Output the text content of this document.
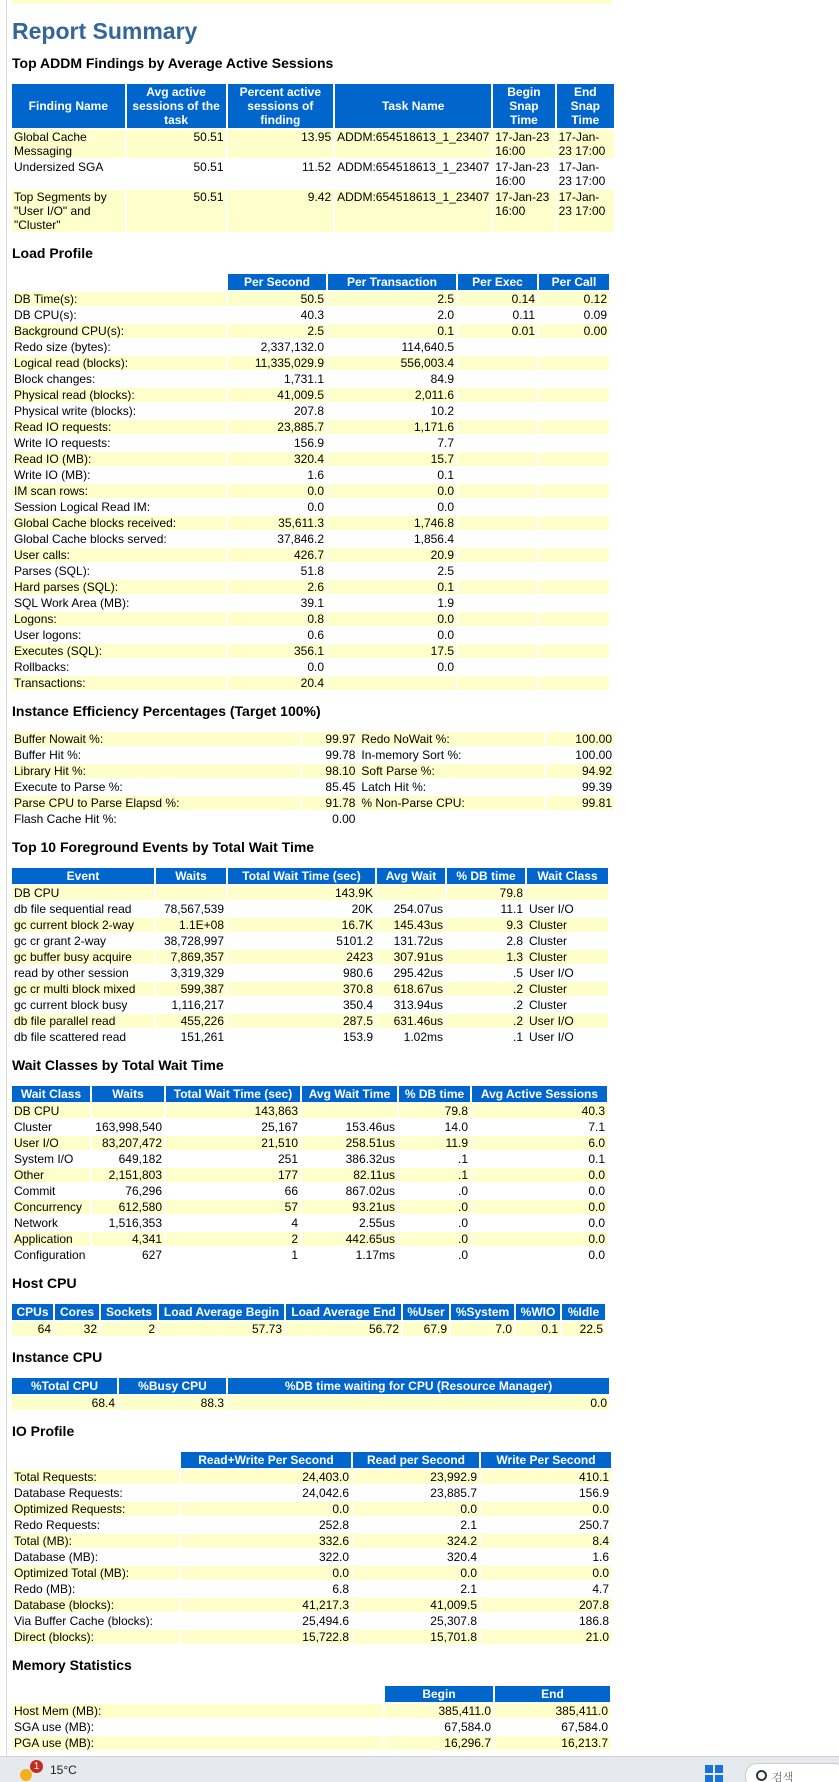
Report Summary
Top ADDM Findings by Average Active Sessions
Finding Name	Avg active sessions of the task	Percent active sessions of finding	Task Name	Begin Snap Time	End Snap Time
Global Cache Messaging	50.51	13.95	ADDM:654518613_1_23407	17-Jan-23 16:00	17-Jan-23 17:00
Undersized SGA	50.51	11.52	ADDM:654518613_1_23407	17-Jan-23 16:00	17-Jan-23 17:00
Top Segments by "User I/O" and "Cluster"	50.51	9.42	ADDM:654518613_1_23407	17-Jan-23 16:00	17-Jan-23 17:00
Load Profile
	Per Second	Per Transaction	Per Exec	Per Call
DB Time(s):	50.5	2.5	0.14	0.12
DB CPU(s):	40.3	2.0	0.11	0.09
Background CPU(s):	2.5	0.1	0.01	0.00
Redo size (bytes):	2,337,132.0	114,640.5		
Logical read (blocks):	11,335,029.9	556,003.4		
Block changes:	1,731.1	84.9		
Physical read (blocks):	41,009.5	2,011.6		
Physical write (blocks):	207.8	10.2		
Read IO requests:	23,885.7	1,171.6		
Write IO requests:	156.9	7.7		
Read IO (MB):	320.4	15.7		
Write IO (MB):	1.6	0.1		
IM scan rows:	0.0	0.0		
Session Logical Read IM:	0.0	0.0		
Global Cache blocks received:	35,611.3	1,746.8		
Global Cache blocks served:	37,846.2	1,856.4		
User calls:	426.7	20.9		
Parses (SQL):	51.8	2.5		
Hard parses (SQL):	2.6	0.1		
SQL Work Area (MB):	39.1	1.9		
Logons:	0.8	0.0		
User logons:	0.6	0.0		
Executes (SQL):	356.1	17.5		
Rollbacks:	0.0	0.0		
Transactions:	20.4			
Instance Efficiency Percentages (Target 100%)
Buffer Nowait %:	99.97	Redo NoWait %:	100.00
Buffer Hit %:	99.78	In-memory Sort %:	100.00
Library Hit %:	98.10	Soft Parse %:	94.92
Execute to Parse %:	85.45	Latch Hit %:	99.39
Parse CPU to Parse Elapsd %:	91.78	% Non-Parse CPU:	99.81
Flash Cache Hit %:	0.00		
Top 10 Foreground Events by Total Wait Time
Event	Waits	Total Wait Time (sec)	Avg Wait	% DB time	Wait Class
DB CPU		143.9K		79.8	
db file sequential read	78,567,539	20K	254.07us	11.1	User I/O
gc current block 2-way	1.1E+08	16.7K	145.43us	9.3	Cluster
gc cr grant 2-way	38,728,997	5101.2	131.72us	2.8	Cluster
gc buffer busy acquire	7,869,357	2423	307.91us	1.3	Cluster
read by other session	3,319,329	980.6	295.42us	.5	User I/O
gc cr multi block mixed	599,387	370.8	618.67us	.2	Cluster
gc current block busy	1,116,217	350.4	313.94us	.2	Cluster
db file parallel read	455,226	287.5	631.46us	.2	User I/O
db file scattered read	151,261	153.9	1.02ms	.1	User I/O
Wait Classes by Total Wait Time
Wait Class	Waits	Total Wait Time (sec)	Avg Wait Time	% DB time	Avg Active Sessions
DB CPU		143,863		79.8	40.3
Cluster	163,998,540	25,167	153.46us	14.0	7.1
User I/O	83,207,472	21,510	258.51us	11.9	6.0
System I/O	649,182	251	386.32us	.1	0.1
Other	2,151,803	177	82.11us	.1	0.0
Commit	76,296	66	867.02us	.0	0.0
Concurrency	612,580	57	93.21us	.0	0.0
Network	1,516,353	4	2.55us	.0	0.0
Application	4,341	2	442.65us	.0	0.0
Configuration	627	1	1.17ms	.0	0.0
Host CPU
CPUs	Cores	Sockets	Load Average Begin	Load Average End	%User	%System	%WIO	%Idle
64	32	2	57.73	56.72	67.9	7.0	0.1	22.5
Instance CPU
%Total CPU	%Busy CPU	%DB time waiting for CPU (Resource Manager)
68.4	88.3	0.0
IO Profile
	Read+Write Per Second	Read per Second	Write Per Second
Total Requests:	24,403.0	23,992.9	410.1
Database Requests:	24,042.6	23,885.7	156.9
Optimized Requests:	0.0	0.0	0.0
Redo Requests:	252.8	2.1	250.7
Total (MB):	332.6	324.2	8.4
Database (MB):	322.0	320.4	1.6
Optimized Total (MB):	0.0	0.0	0.0
Redo (MB):	6.8	2.1	4.7
Database (blocks):	41,217.3	41,009.5	207.8
Via Buffer Cache (blocks):	25,494.6	25,307.8	186.8
Direct (blocks):	15,722.8	15,701.8	21.0
Memory Statistics
	Begin	End
Host Mem (MB):	385,411.0	385,411.0
SGA use (MB):	67,584.0	67,584.0
PGA use (MB):	16,296.7	16,213.7

1 15°C
검색
